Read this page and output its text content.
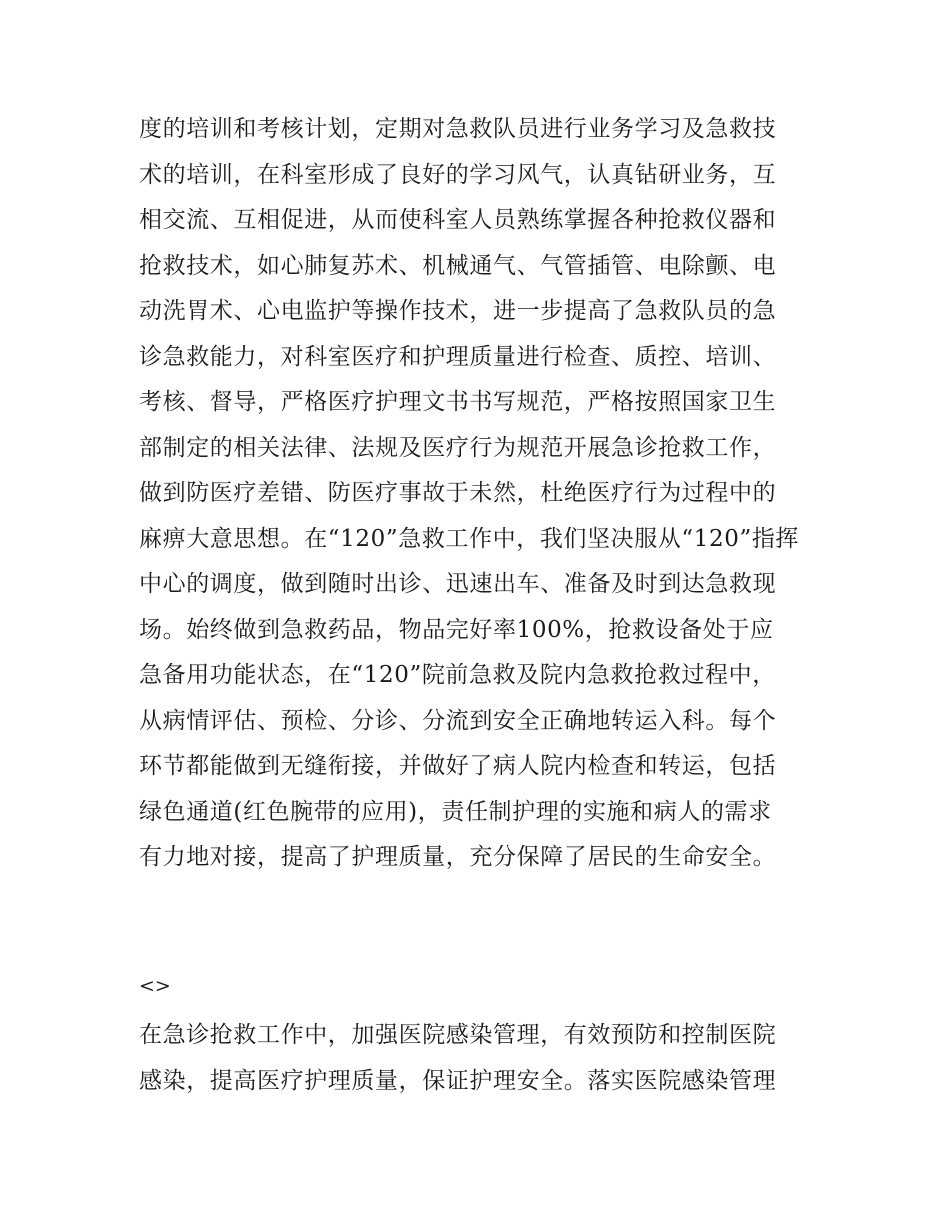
度的培训和考核计划，定期对急救队员进行业务学习及急救技
术的培训，在科室形成了良好的学习风气，认真钻研业务，互
相交流、互相促进，从而使科室人员熟练掌握各种抢救仪器和
抢救技术，如心肺复苏术、机械通气、气管插管、电除颤、电
动洗胃术、心电监护等操作技术，进一步提高了急救队员的急
诊急救能力，对科室医疗和护理质量进行检查、质控、培训、
考核、督导，严格医疗护理文书书写规范，严格按照国家卫生
部制定的相关法律、法规及医疗行为规范开展急诊抢救工作，
做到防医疗差错、防医疗事故于未然，杜绝医疗行为过程中的
麻痹大意思想。在“120”急救工作中，我们坚决服从“120”指挥
中心的调度，做到随时出诊、迅速出车、准备及时到达急救现
场。始终做到急救药品，物品完好率100%，抢救设备处于应
急备用功能状态，在“120”院前急救及院内急救抢救过程中，
从病情评估、预检、分诊、分流到安全正确地转运入科。每个
环节都能做到无缝衔接，并做好了病人院内检查和转运，包括
绿色通道(红色腕带的应用)，责任制护理的实施和病人的需求
有力地对接，提高了护理质量，充分保障了居民的生命安全。
<>
在急诊抢救工作中，加强医院感染管理，有效预防和控制医院
感染，提高医疗护理质量，保证护理安全。落实医院感染管理
